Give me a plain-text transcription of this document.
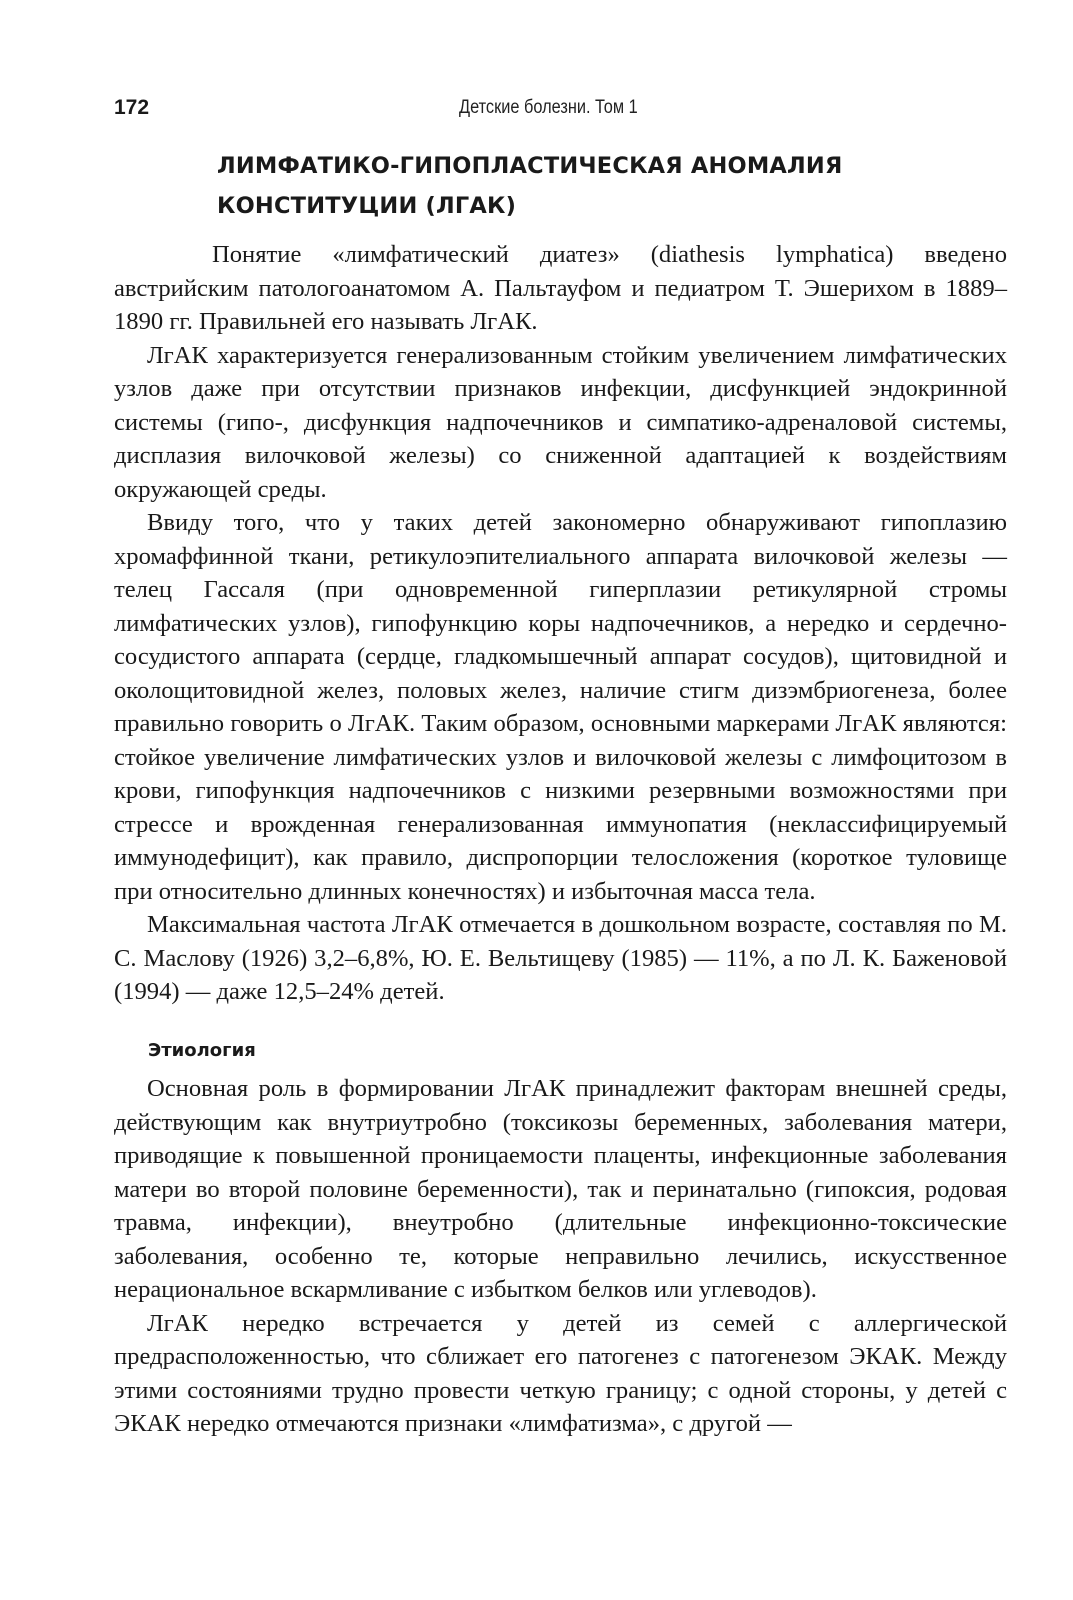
172	Детские болезни. Том 1
ЛИМФАТИКО-ГИПОПЛАСТИЧЕСКАЯ АНОМАЛИЯ
КОНСТИТУЦИИ (ЛГАК)

Понятие «лимфатический диатез» (diathesis lymphatica) введено австрийским патологоанатомом А. Пальтауфом и педиатром Т. Эшерихом в 1889–1890 гг. Правильней его называть ЛгАК.

ЛгАК характеризуется генерализованным стойким увеличением лимфатических узлов даже при отсутствии признаков инфекции, дисфункцией эндокринной системы (гипо-, дисфункция надпочечников и симпатико-адреналовой системы, дисплазия вилочковой железы) со сниженной адаптацией к воздействиям окружающей среды.

Ввиду того, что у таких детей закономерно обнаруживают гипоплазию хромаффинной ткани, ретикулоэпителиального аппарата вилочковой железы — телец Гассаля (при одновременной гиперплазии ретикулярной стромы лимфатических узлов), гипофункцию коры надпочечников, а нередко и сердечно-сосудистого аппарата (сердце, гладкомышечный аппарат сосудов), щитовидной и околощитовидной желез, половых желез, наличие стигм дизэмбриогенеза, более правильно говорить о ЛгАК. Таким образом, основными маркерами ЛгАК являются: стойкое увеличение лимфатических узлов и вилочковой железы с лимфоцитозом в крови, гипофункция надпочечников с низкими резервными возможностями при стрессе и врожденная генерализованная иммунопатия (неклассифицируемый иммунодефицит), как правило, диспропорции телосложения (короткое туловище при относительно длинных конечностях) и избыточная масса тела.

Максимальная частота ЛгАК отмечается в дошкольном возрасте, составляя по М. С. Маслову (1926) 3,2–6,8%, Ю. Е. Вельтищеву (1985) — 11%, а по Л. К. Баженовой (1994) — даже 12,5–24% детей.

Этиология

Основная роль в формировании ЛгАК принадлежит факторам внешней среды, действующим как внутриутробно (токсикозы беременных, заболевания матери, приводящие к повышенной проницаемости плаценты, инфекционные заболевания матери во второй половине беременности), так и перинатально (гипоксия, родовая травма, инфекции), внеутробно (длительные инфекционно-токсические заболевания, особенно те, которые неправильно лечились, искусственное нерациональное вскармливание с избытком белков или углеводов).

ЛгАК нередко встречается у детей из семей с аллергической предрасположенностью, что сближает его патогенез с патогенезом ЭКАК. Между этими состояниями трудно провести четкую границу; с одной стороны, у детей с ЭКАК нередко отмечаются признаки «лимфатизма», с другой —
